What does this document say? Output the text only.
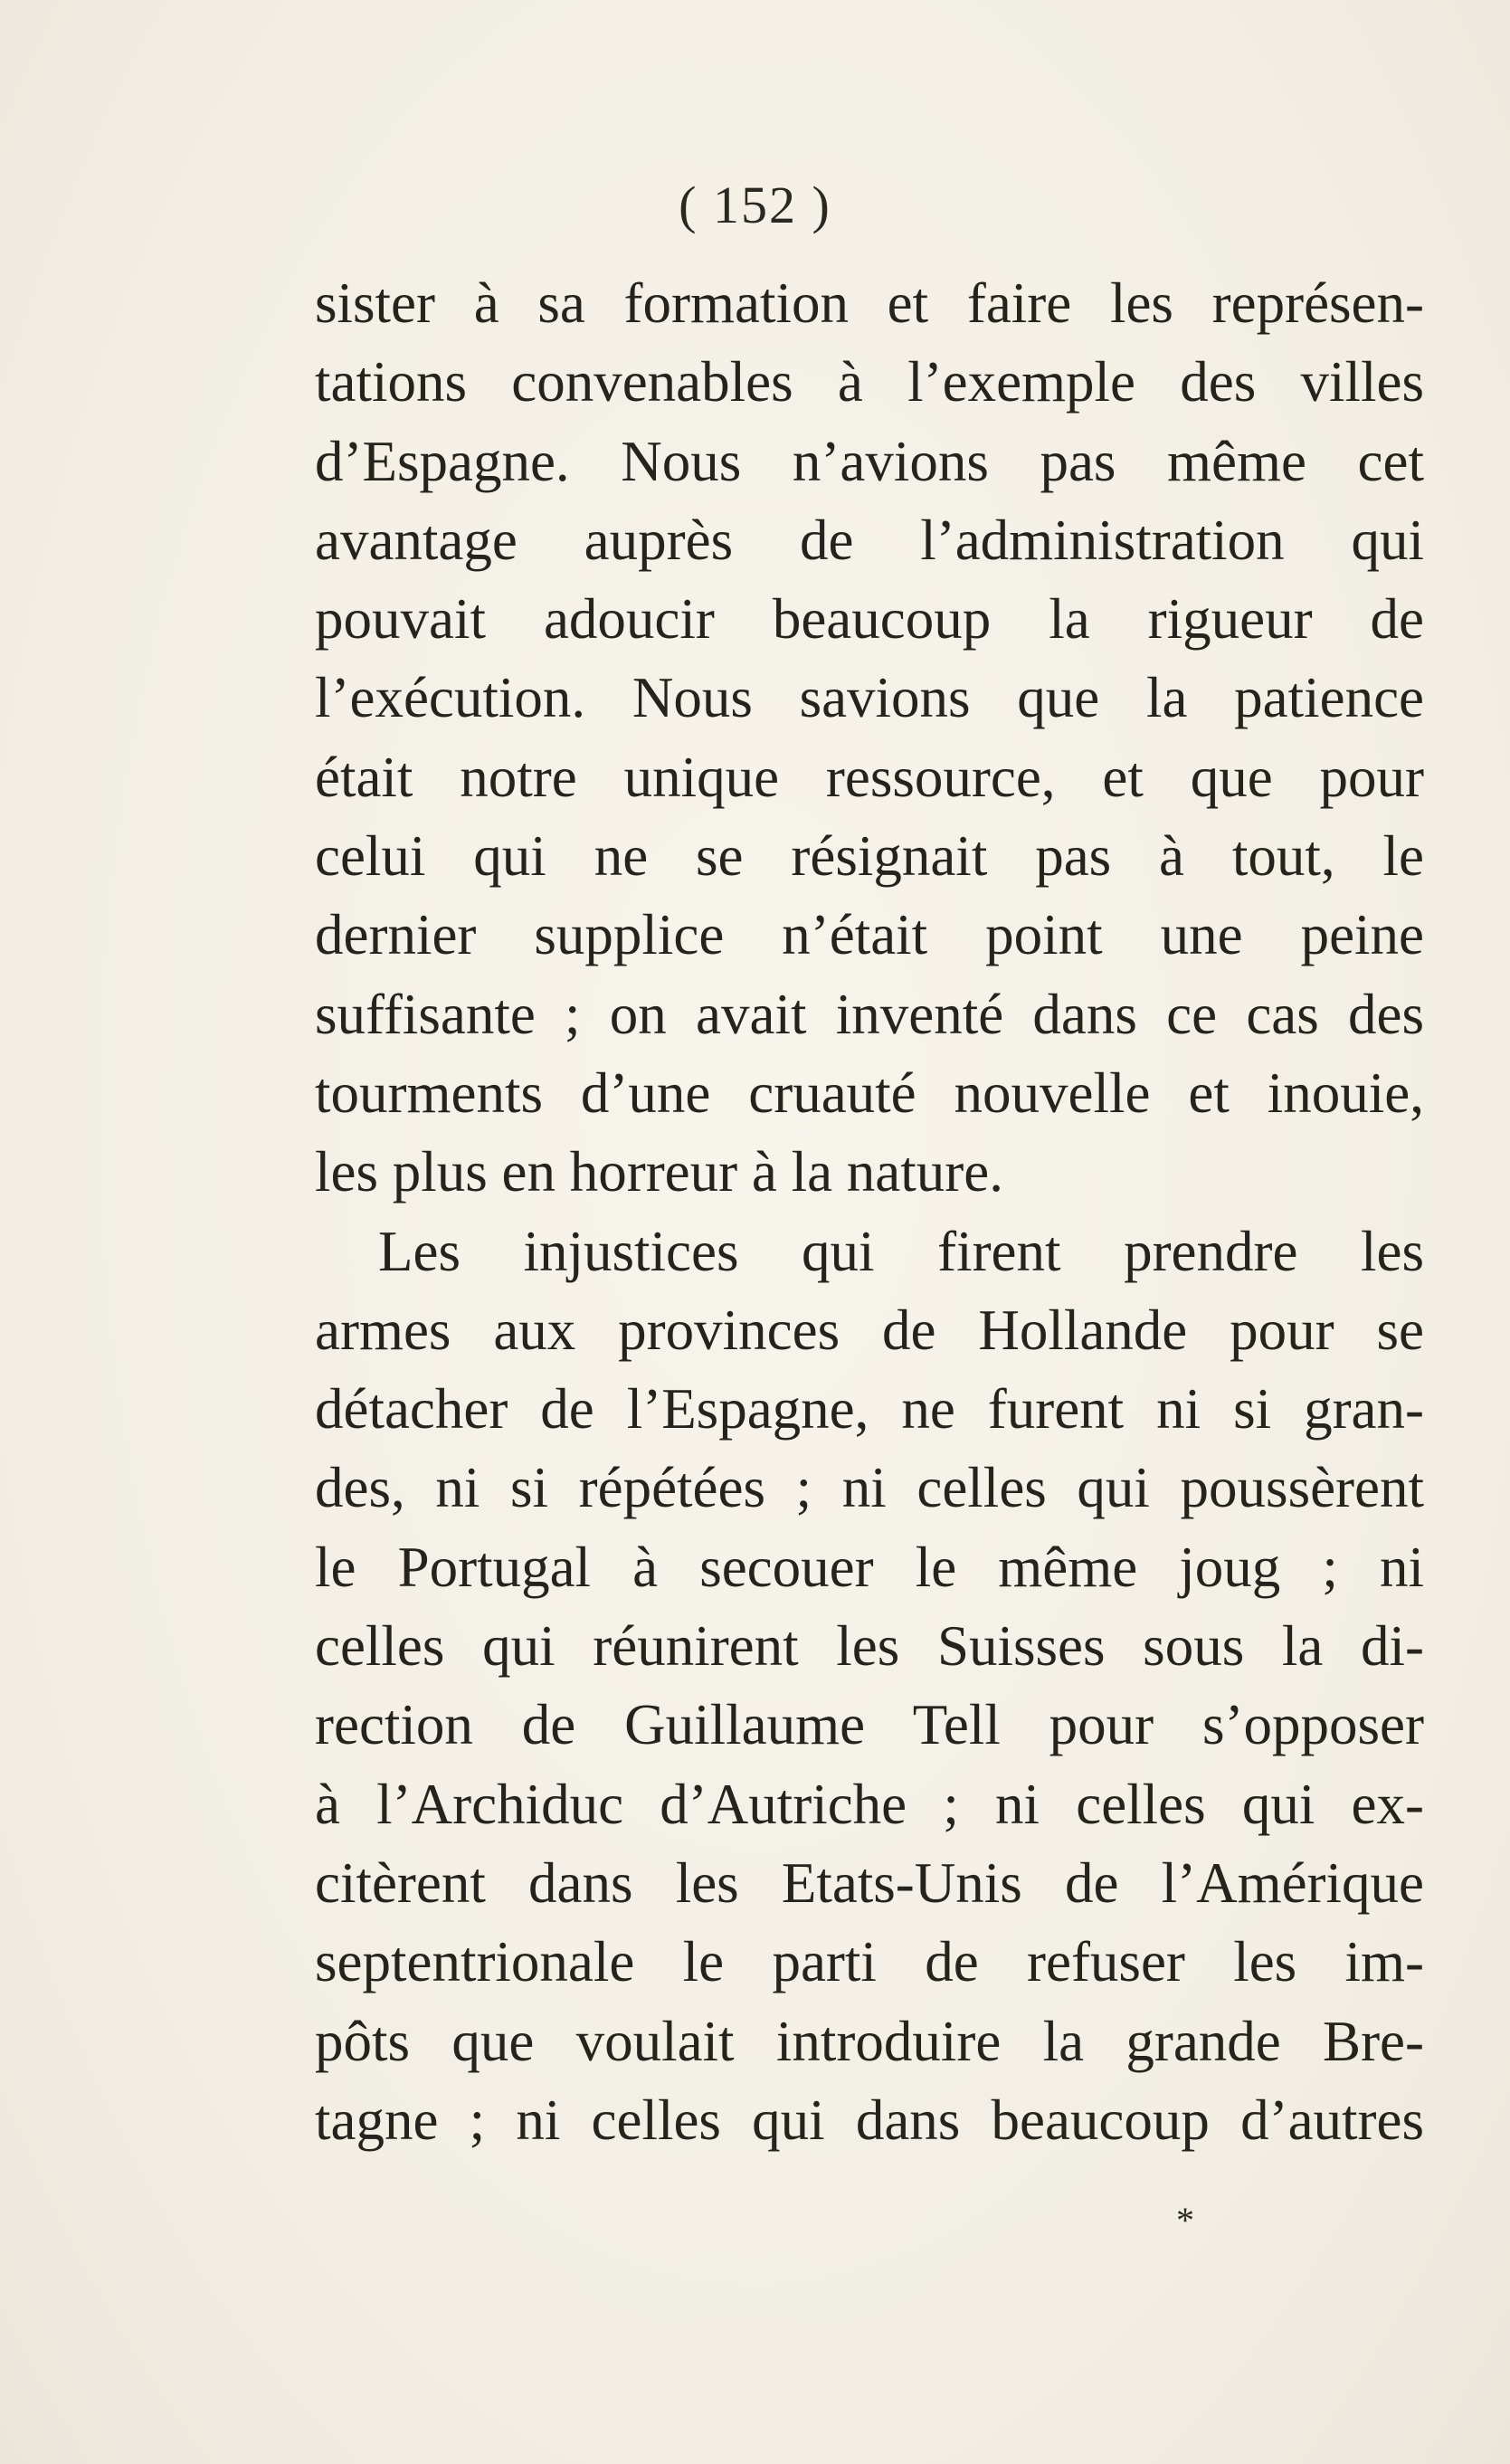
( 152 )
sister à sa formation et faire les représen-
tations convenables à l’exemple des villes
d’Espagne. Nous n’avions pas même cet
avantage auprès de l’administration qui
pouvait adoucir beaucoup la rigueur de
l’exécution. Nous savions que la patience
était notre unique ressource, et que pour
celui qui ne se résignait pas à tout, le
dernier supplice n’était point une peine
suffisante ; on avait inventé dans ce cas des
tourments d’une cruauté nouvelle et inouie,
les plus en horreur à la nature.
Les injustices qui firent prendre les
armes aux provinces de Hollande pour se
détacher de l’Espagne, ne furent ni si gran-
des, ni si répétées ; ni celles qui poussèrent
le Portugal à secouer le même joug ; ni
celles qui réunirent les Suisses sous la di-
rection de Guillaume Tell pour s’opposer
à l’Archiduc d’Autriche ; ni celles qui ex-
citèrent dans les Etats-Unis de l’Amérique
septentrionale le parti de refuser les im-
pôts que voulait introduire la grande Bre-
tagne ; ni celles qui dans beaucoup d’autres
*
